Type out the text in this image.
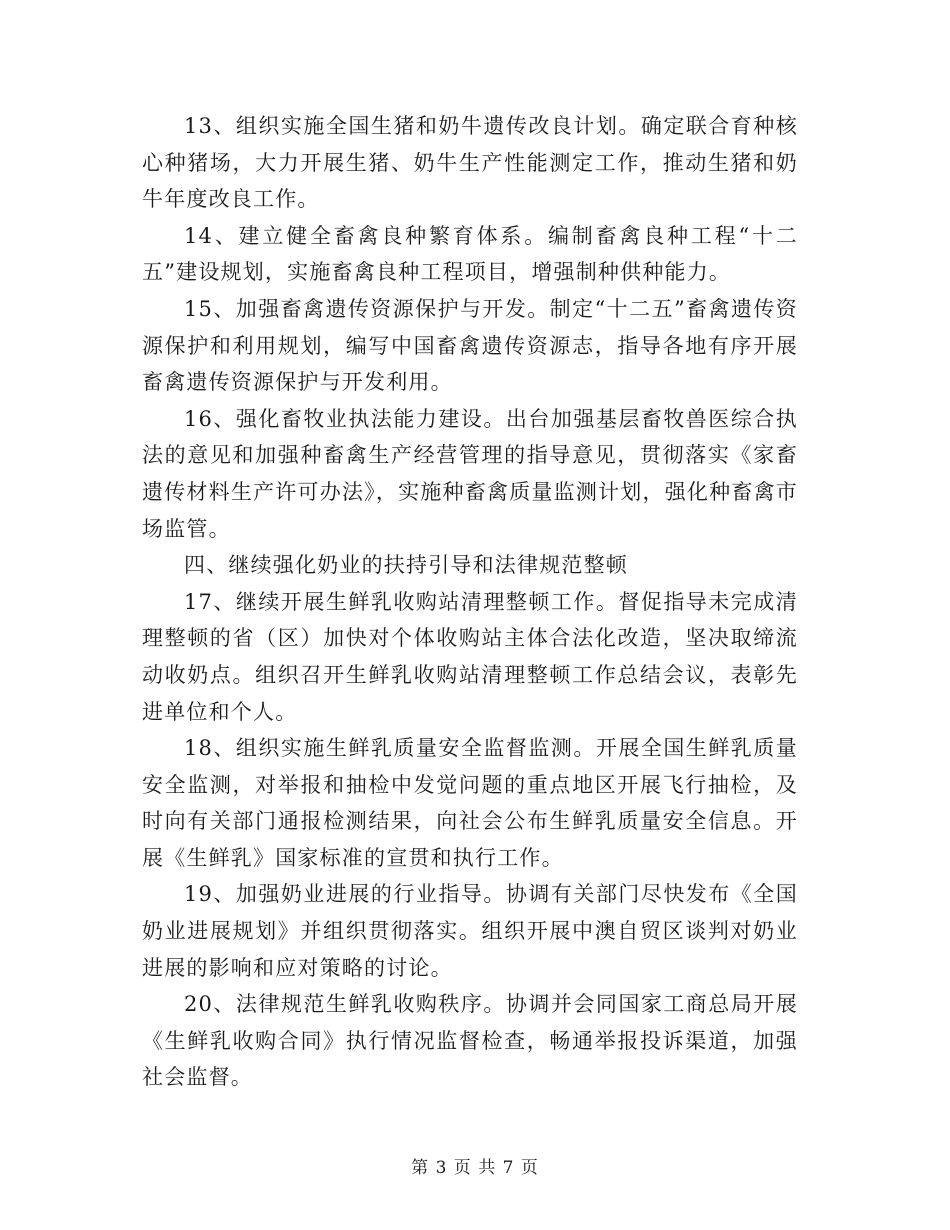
13、组织实施全国生猪和奶牛遗传改良计划。确定联合育种核心种猪场，大力开展生猪、奶牛生产性能测定工作，推动生猪和奶牛年度改良工作。

14、建立健全畜禽良种繁育体系。编制畜禽良种工程“十二五”建设规划，实施畜禽良种工程项目，增强制种供种能力。

15、加强畜禽遗传资源保护与开发。制定“十二五”畜禽遗传资源保护和利用规划，编写中国畜禽遗传资源志，指导各地有序开展畜禽遗传资源保护与开发利用。

16、强化畜牧业执法能力建设。出台加强基层畜牧兽医综合执法的意见和加强种畜禽生产经营管理的指导意见，贯彻落实《家畜遗传材料生产许可办法》，实施种畜禽质量监测计划，强化种畜禽市场监管。

四、继续强化奶业的扶持引导和法律规范整顿

17、继续开展生鲜乳收购站清理整顿工作。督促指导未完成清理整顿的省（区）加快对个体收购站主体合法化改造，坚决取缔流动收奶点。组织召开生鲜乳收购站清理整顿工作总结会议，表彰先进单位和个人。

18、组织实施生鲜乳质量安全监督监测。开展全国生鲜乳质量安全监测，对举报和抽检中发觉问题的重点地区开展飞行抽检，及时向有关部门通报检测结果，向社会公布生鲜乳质量安全信息。开展《生鲜乳》国家标准的宣贯和执行工作。

19、加强奶业进展的行业指导。协调有关部门尽快发布《全国奶业进展规划》并组织贯彻落实。组织开展中澳自贸区谈判对奶业进展的影响和应对策略的讨论。

20、法律规范生鲜乳收购秩序。协调并会同国家工商总局开展《生鲜乳收购合同》执行情况监督检查，畅通举报投诉渠道，加强社会监督。

第 3 页 共 7 页
